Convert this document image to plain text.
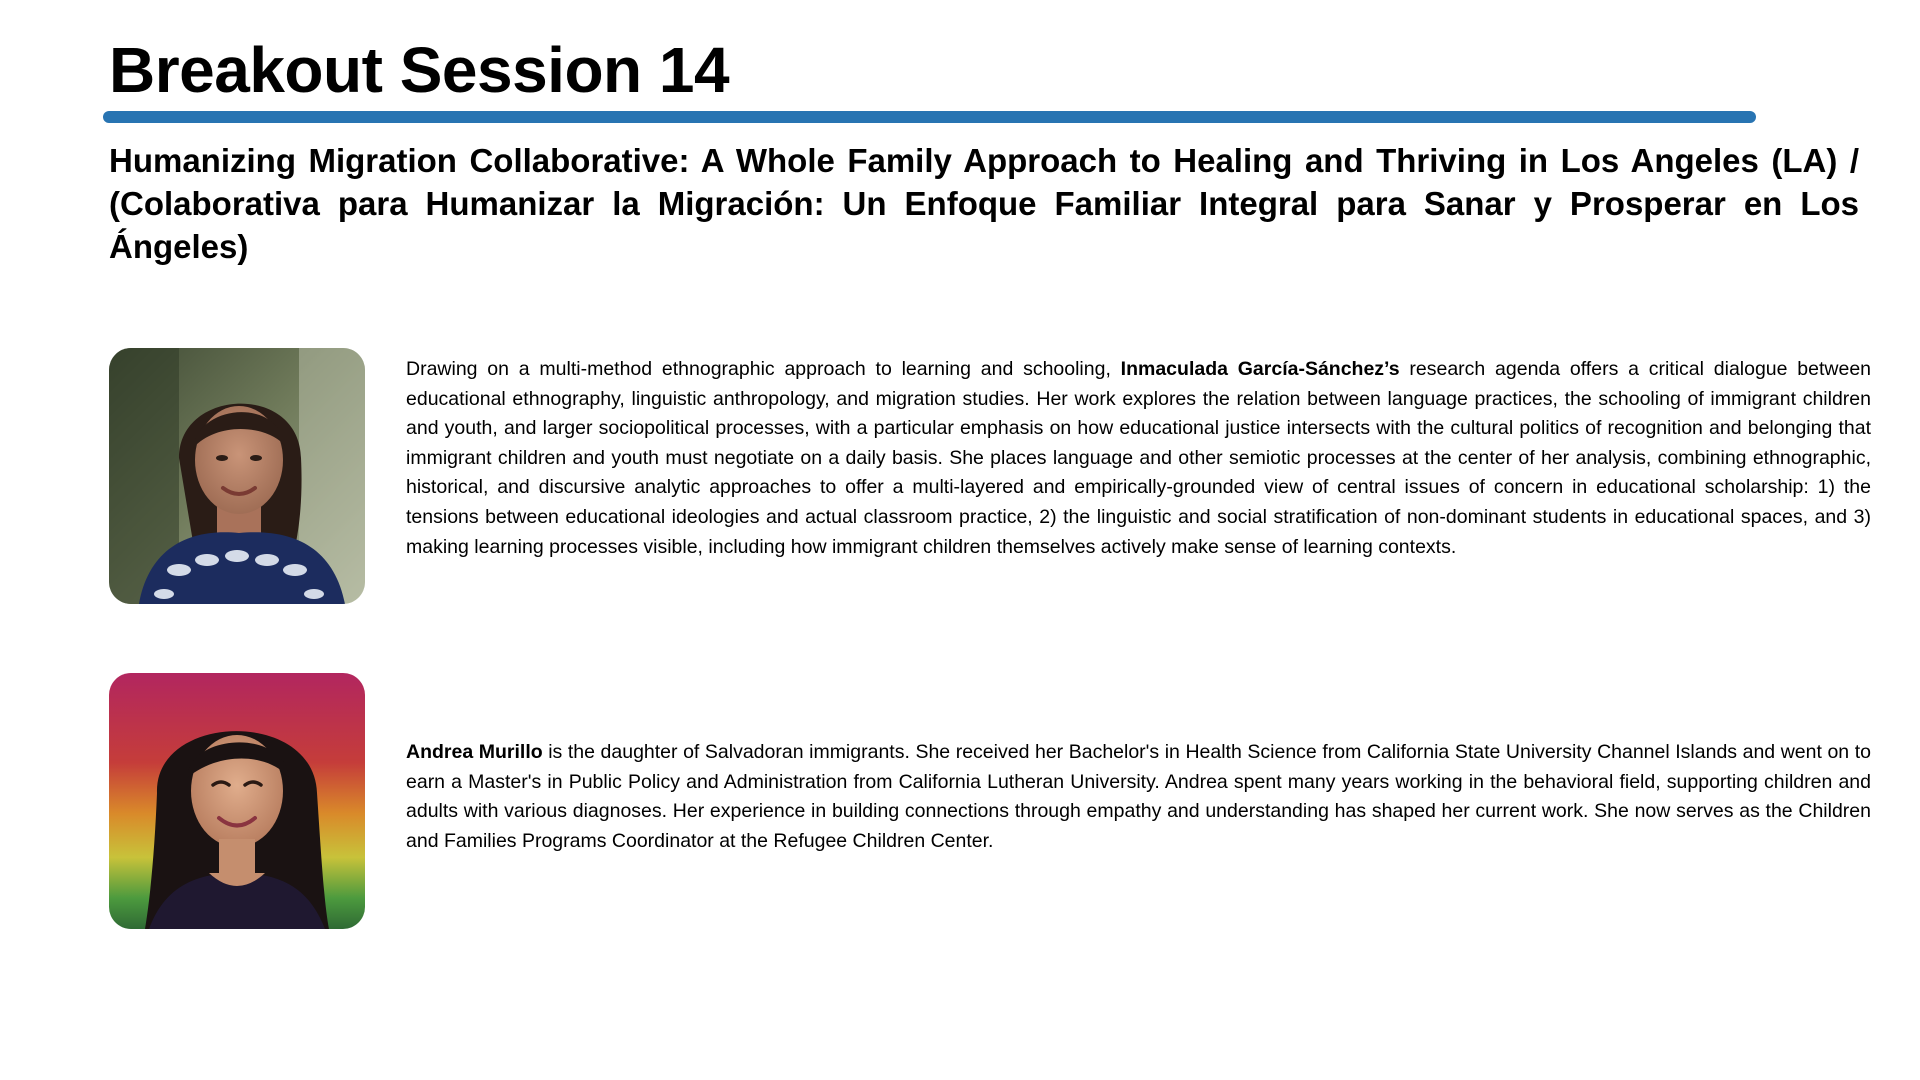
Breakout Session 14
Humanizing Migration Collaborative: A Whole Family Approach to Healing and Thriving in Los Angeles (LA) / (Colaborativa para Humanizar la Migración: Un Enfoque Familiar Integral para Sanar y Prosperar en Los Ángeles)

Drawing on a multi-method ethnographic approach to learning and schooling, Inmaculada García-Sánchez’s research agenda offers a critical dialogue between educational ethnography, linguistic anthropology, and migration studies. Her work explores the relation between language practices, the schooling of immigrant children and youth, and larger sociopolitical processes, with a particular emphasis on how educational justice intersects with the cultural politics of recognition and belonging that immigrant children and youth must negotiate on a daily basis. She places language and other semiotic processes at the center of her analysis, combining ethnographic, historical, and discursive analytic approaches to offer a multi-layered and empirically-grounded view of central issues of concern in educational scholarship: 1) the tensions between educational ideologies and actual classroom practice, 2) the linguistic and social stratification of non-dominant students in educational spaces, and 3) making learning processes visible, including how immigrant children themselves actively make sense of learning contexts.

Andrea Murillo is the daughter of Salvadoran immigrants. She received her Bachelor's in Health Science from California State University Channel Islands and went on to earn a Master's in Public Policy and Administration from California Lutheran University. Andrea spent many years working in the behavioral field, supporting children and adults with various diagnoses. Her experience in building connections through empathy and understanding has shaped her current work. She now serves as the Children and Families Programs Coordinator at the Refugee Children Center.
